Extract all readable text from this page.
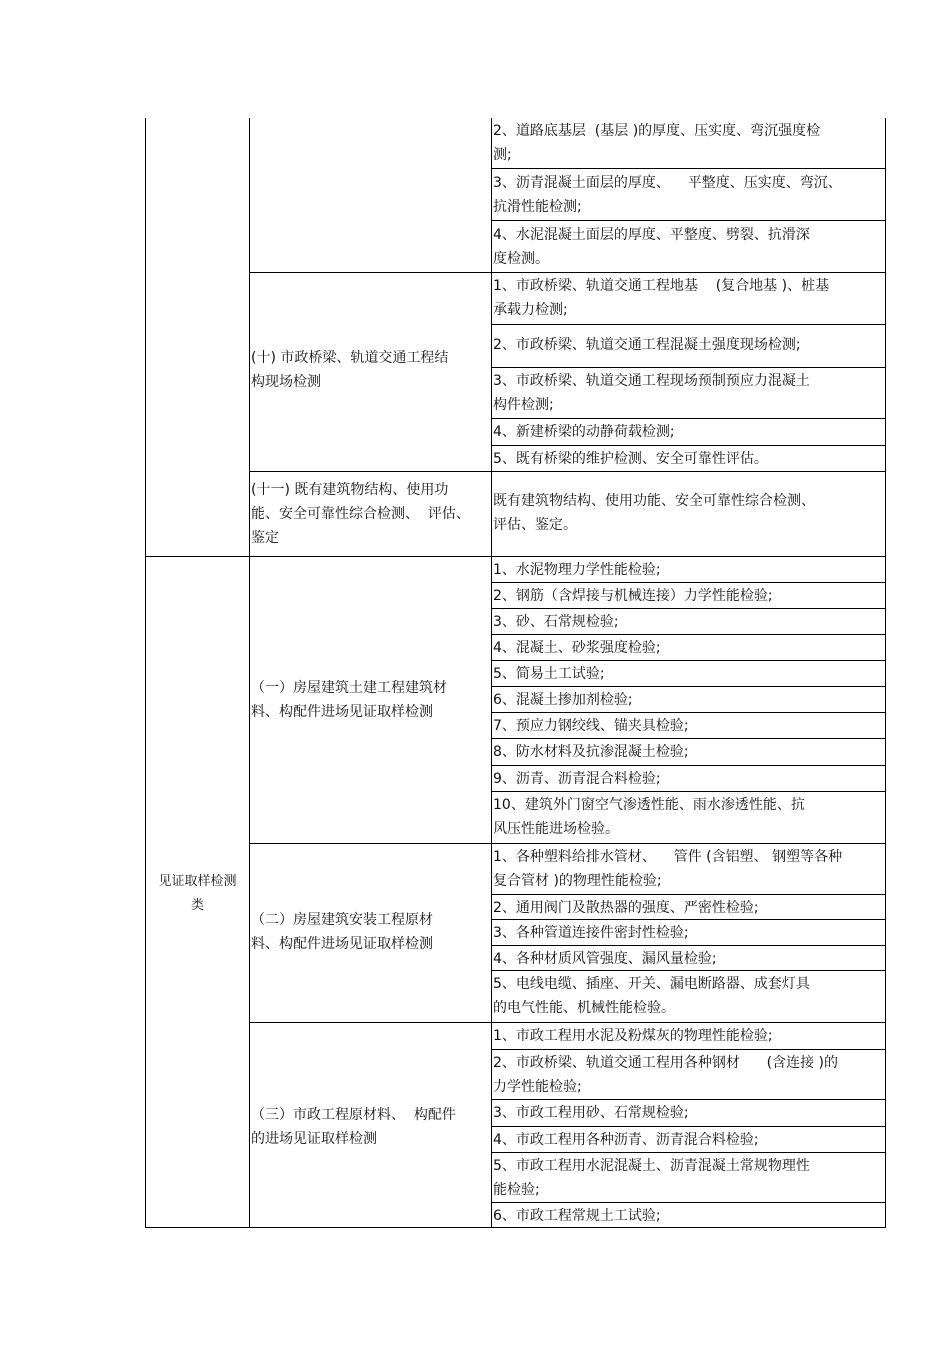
2、道路底基层  (基层 )的厚度、压实度、弯沉强度检
测;
3、沥青混凝土面层的厚度、    平整度、压实度、弯沉、
抗滑性能检测;
4、水泥混凝土面层的厚度、平整度、劈裂、抗滑深
度检测。
1、市政桥梁、轨道交通工程地基    (复合地基 )、桩基
承载力检测;
2、市政桥梁、轨道交通工程混凝土强度现场检测;
3、市政桥梁、轨道交通工程现场预制预应力混凝土
构件检测;
4、新建桥梁的动静荷载检测;
5、既有桥梁的维护检测、安全可靠性评估。
既有建筑物结构、使用功能、安全可靠性综合检测、
评估、鉴定。
1、水泥物理力学性能检验;
2、钢筋（含焊接与机械连接）力学性能检验;
3、砂、石常规检验;
4、混凝土、砂浆强度检验;
5、简易土工试验;
6、混凝土掺加剂检验;
7、预应力钢绞线、锚夹具检验;
8、防水材料及抗渗混凝土检验;
9、沥青、沥青混合料检验;
10、建筑外门窗空气渗透性能、雨水渗透性能、抗
风压性能进场检验。
1、各种塑料给排水管材、    管件 (含铝塑、 钢塑等各种
复合管材 )的物理性能检验;
2、通用阀门及散热器的强度、严密性检验;
3、各种管道连接件密封性检验;
4、各种材质风管强度、漏风量检验;
5、电线电缆、插座、开关、漏电断路器、成套灯具
的电气性能、机械性能检验。
1、市政工程用水泥及粉煤灰的物理性能检验;
2、市政桥梁、轨道交通工程用各种钢材      (含连接 )的
力学性能检验;
3、市政工程用砂、石常规检验;
4、市政工程用各种沥青、沥青混合料检验;
5、市政工程用水泥混凝土、沥青混凝土常规物理性
能检验;
6、市政工程常规土工试验;
(十) 市政桥梁、轨道交通工程结
构现场检测
(十一) 既有建筑物结构、使用功
能、安全可靠性综合检测、  评估、
鉴定
（一）房屋建筑土建工程建筑材
料、构配件进场见证取样检测
（二）房屋建筑安装工程原材
料、构配件进场见证取样检测
（三）市政工程原材料、  构配件
的进场见证取样检测
见证取样检测
类
